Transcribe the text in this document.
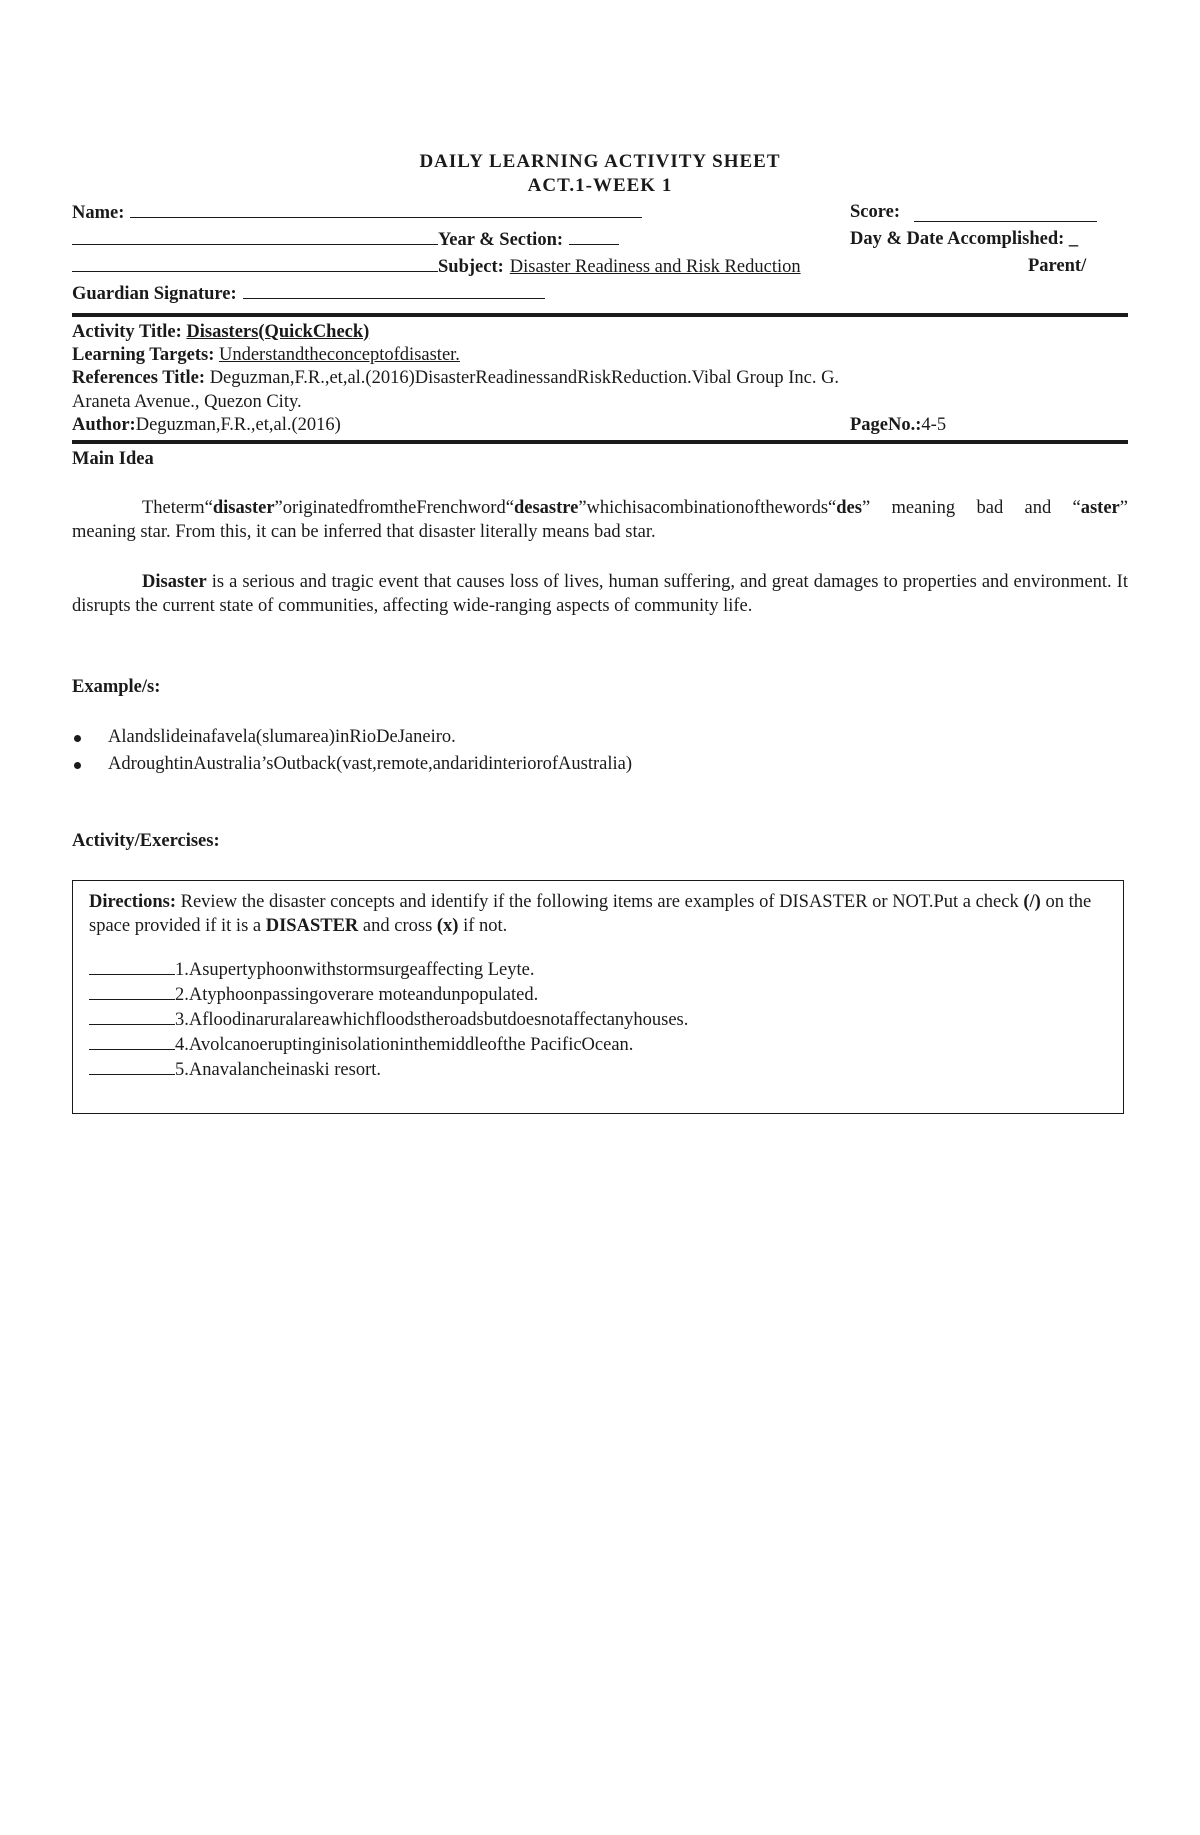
DAILY LEARNING ACTIVITY SHEET
ACT.1-WEEK 1
Name:	Score:
Year & Section:	Day & Date Accomplished: _
Subject: Disaster Readiness and Risk Reduction	Parent/
Guardian Signature:
Activity Title: Disasters(QuickCheck)
Learning Targets: Understandtheconceptofdisaster.
References Title: Deguzman,F.R.,et,al.(2016)DisasterReadinessandRiskReduction.Vibal Group Inc. G.
Araneta Avenue., Quezon City.
Author: Deguzman,F.R.,et,al.(2016)	PageNo.:4-5
Main Idea

Theterm“disaster”originatedfromtheFrenchword“desastre”whichisacombinationofthewords“des” meaning bad and “aster” meaning star. From this, it can be inferred that disaster literally means bad star.

Disaster is a serious and tragic event that causes loss of lives, human suffering, and great damages to properties and environment. It disrupts the current state of communities, affecting wide-ranging aspects of community life.

Example/s:
Alandslideinafavela(slumarea)inRioDeJaneiro.
AdroughtinAustralia’sOutback(vast,remote,andaridinteriorofAustralia)
Activity/Exercises:
Directions: Review the disaster concepts and identify if the following items are examples of DISASTER or NOT.Put a check (/) on the space provided if it is a DISASTER and cross (x) if not.
1.Asupertyphoonwithstormsurgeaffecting Leyte.
2.Atyphoonpassingoverare moteandunpopulated.
3.Afloodinaruralareawhichfloodstheroadsbutdoesnotaffectanyhouses.
4.Avolcanoeruptinginisolationinthemiddleofthe PacificOcean.
5.Anavalancheinaski resort.
